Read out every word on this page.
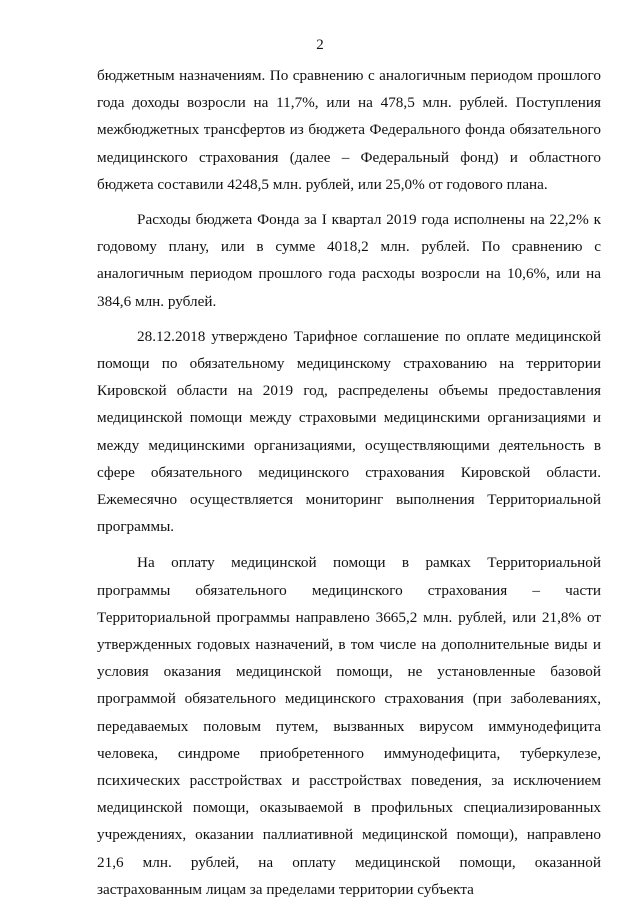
2

бюджетным назначениям. По сравнению с аналогичным периодом прошлого года доходы возросли на 11,7%, или на 478,5 млн. рублей. Поступления межбюджетных трансфертов из бюджета Федерального фонда обязательного медицинского страхования (далее – Федеральный фонд) и областного бюджета составили 4248,5 млн. рублей, или 25,0% от годового плана.

Расходы бюджета Фонда за I квартал 2019 года исполнены на 22,2% к годовому плану, или в сумме 4018,2 млн. рублей. По сравнению с аналогичным периодом прошлого года расходы возросли на 10,6%, или на 384,6 млн. рублей.

28.12.2018 утверждено Тарифное соглашение по оплате медицинской помощи по обязательному медицинскому страхованию на территории Кировской области на 2019 год, распределены объемы предоставления медицинской помощи между страховыми медицинскими организациями и между медицинскими организациями, осуществляющими деятельность в сфере обязательного медицинского страхования Кировской области. Ежемесячно осуществляется мониторинг выполнения Территориальной программы.

На оплату медицинской помощи в рамках Территориальной программы обязательного медицинского страхования – части Территориальной программы направлено 3665,2 млн. рублей, или 21,8% от утвержденных годовых назначений, в том числе на дополнительные виды и условия оказания медицинской помощи, не установленные базовой программой обязательного медицинского страхования (при заболеваниях, передаваемых половым путем, вызванных вирусом иммунодефицита человека, синдроме приобретенного иммунодефицита, туберкулезе, психических расстройствах и расстройствах поведения, за исключением медицинской помощи, оказываемой в профильных специализированных учреждениях, оказании паллиативной медицинской помощи), направлено 21,6 млн. рублей, на оплату медицинской помощи, оказанной застрахованным лицам за пределами территории субъекта
